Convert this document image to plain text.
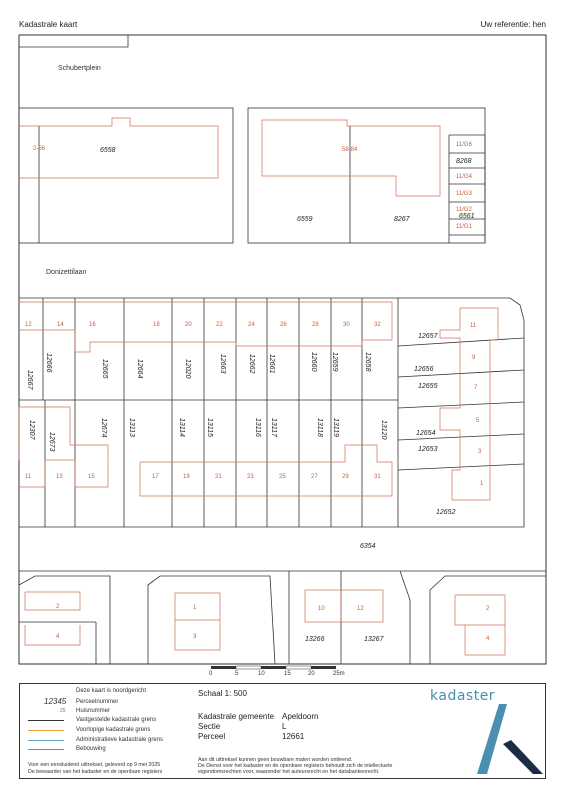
Kadastrale kaart	Uw referentie: hen
Schubertplein
Donizettilaan
6558
6559	8267
8268
6561
12657
12656
12655
12654
12653
12652
6354
13266	13267
12667
12666	12665	12664	12020	12663	12662 12661	12660 12659	12658
12307
12673
12674	13113	13114	13115	13116 13117	13118 13119	13120
2-56	58-84
11/G6
11/G4
11/G3
11/G2
11/G1
12	14	16	18	20	22	24	26	28	30	32
11	13	15	17	19	21	23	25	27	29	31
11
9
7
5
3
1
2
4
1
3
10	12	2
4
0	5	10	15	20	25m
Deze kaart is noordgericht
12345 Perceelnummer
25 Huisnummer
Vastgestelde kadastrale grens
Voorlopige kadastrale grens
Administratieve kadastrale grens
Bebouwing
Voor een eensluidend uittreksel, geleverd op 9 mei 2025
De bewaarder van het kadaster en de openbare registers
Schaal 1: 500
Kadastrale gemeente Apeldoorn
Sectie	L
Perceel	12661
Aan dit uittreksel kunnen geen bouwbare maten worden ontleend.
De Dienst voor het kadaster en de openbare registers behoudt zich de intellectuele
eigendomsrechten voor, waaronder het auteursrecht en het databankenrecht.
kadaster
